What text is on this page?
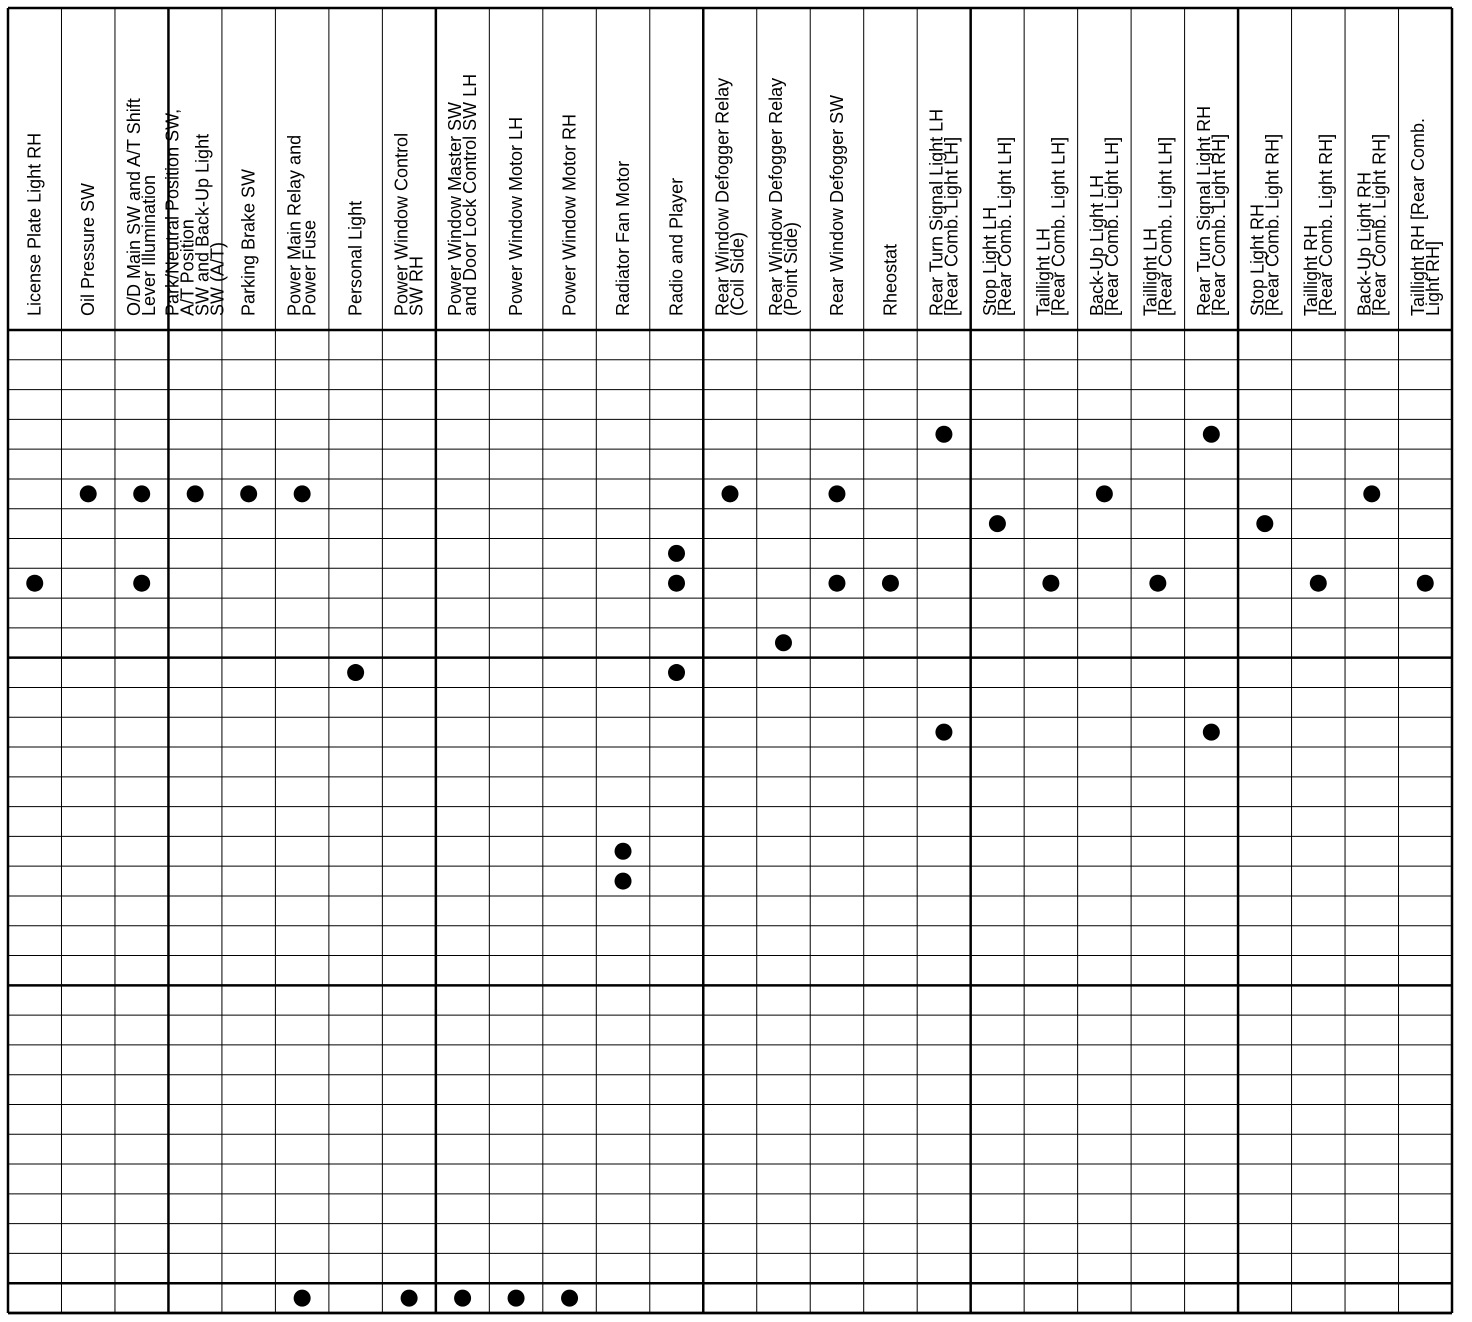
License Plate Light RH Oil Pressure SW O/D Main SW and A/T ShiftLever Illumination Park/Neutral Position SW,A/T PositionSW and Back-Up LightSW (A/T) Parking Brake SW Power Main Relay andPower Fuse Personal Light Power Window ControlSW RH Power Window Master SWand Door Lock Control SW LH Power Window Motor LH Power Window Motor RH Radiator Fan Motor Radio and Player Rear Window Defogger Relay(Coil Side) Rear Window Defogger Relay(Point Side) Rear Window Defogger SW Rheostat Rear Turn Signal Light LH[Rear Comb. Light LH] Stop Light LH[Rear Comb. Light LH] Taillight LH[Rear Comb. Light LH] Back-Up Light LH[Rear Comb. Light LH] Taillight LH[Rear Comb. Light LH] Rear Turn Signal Light RH[Rear Comb. Light RH] Stop Light RH[Rear Comb. Light RH] Taillight RH[Rear Comb. Light RH] Back-Up Light RH[Rear Comb. Light RH] Taillight RH [Rear Comb.Light RH]
